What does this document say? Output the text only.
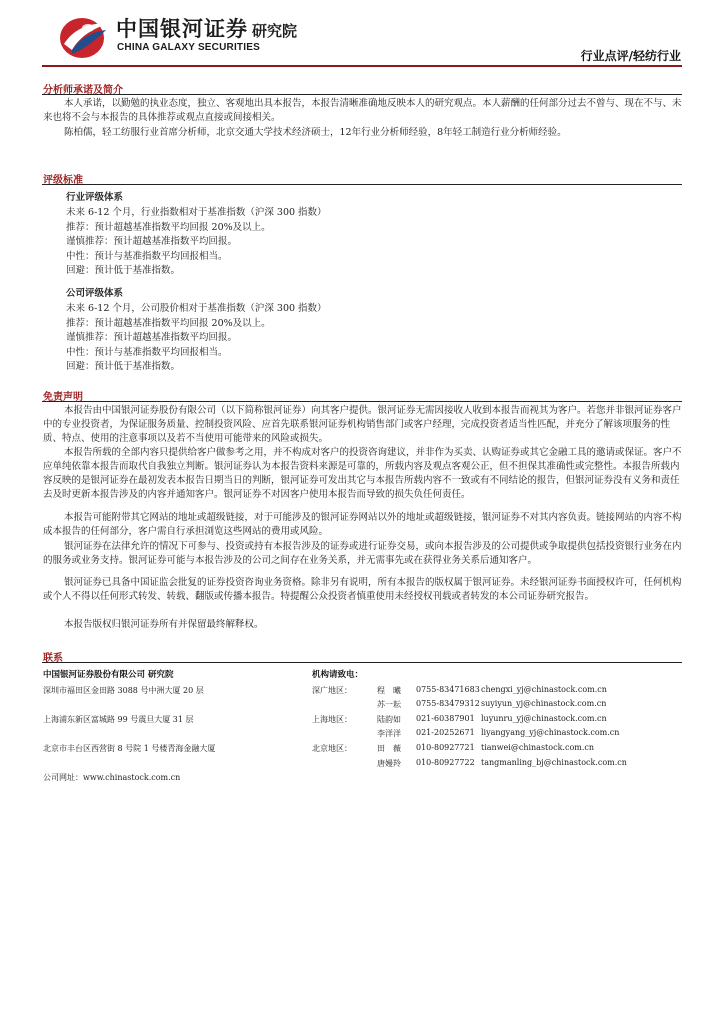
中国银河证券 研究院
CHINA GALAXY SECURITIES
行业点评/轻纺行业
分析师承诺及简介

本人承诺，以勤勉的执业态度，独立、客观地出具本报告，本报告清晰准确地反映本人的研究观点。本人薪酬的任何部分过去不曾与、现在不与、未来也将不会与本报告的具体推荐或观点直接或间接相关。

陈柏儒，轻工纺服行业首席分析师，北京交通大学技术经济硕士，12年行业分析师经验，8年轻工制造行业分析师经验。

评级标准
行业评级体系
未来 6-12 个月，行业指数相对于基准指数（沪深 300 指数）
推荐：预计超越基准指数平均回报 20%及以上。
谨慎推荐：预计超越基准指数平均回报。
中性：预计与基准指数平均回报相当。
回避：预计低于基准指数。
公司评级体系
未来 6-12 个月，公司股价相对于基准指数（沪深 300 指数）
推荐：预计超越基准指数平均回报 20%及以上。
谨慎推荐：预计超越基准指数平均回报。
中性：预计与基准指数平均回报相当。
回避：预计低于基准指数。
免责声明

本报告由中国银河证券股份有限公司（以下简称银河证券）向其客户提供。银河证券无需因接收人收到本报告而视其为客户。若您并非银河证券客户中的专业投资者，为保证服务质量、控制投资风险、应首先联系银河证券机构销售部门或客户经理，完成投资者适当性匹配，并充分了解该项服务的性质、特点、使用的注意事项以及若不当使用可能带来的风险或损失。

本报告所载的全部内容只提供给客户做参考之用，并不构成对客户的投资咨询建议，并非作为买卖、认购证券或其它金融工具的邀请或保证。客户不应单纯依靠本报告而取代自我独立判断。银河证券认为本报告资料来源是可靠的，所载内容及观点客观公正，但不担保其准确性或完整性。本报告所载内容反映的是银河证券在最初发表本报告日期当日的判断，银河证券可发出其它与本报告所载内容不一致或有不同结论的报告，但银河证券没有义务和责任去及时更新本报告涉及的内容并通知客户。银河证券不对因客户使用本报告而导致的损失负任何责任。

本报告可能附带其它网站的地址或超级链接，对于可能涉及的银河证券网站以外的地址或超级链接，银河证券不对其内容负责。链接网站的内容不构成本报告的任何部分，客户需自行承担浏览这些网站的费用或风险。

银河证券在法律允许的情况下可参与、投资或持有本报告涉及的证券或进行证券交易，或向本报告涉及的公司提供或争取提供包括投资银行业务在内的服务或业务支持。银河证券可能与本报告涉及的公司之间存在业务关系，并无需事先或在获得业务关系后通知客户。

银河证券已具备中国证监会批复的证券投资咨询业务资格。除非另有说明，所有本报告的版权属于银河证券。未经银河证券书面授权许可，任何机构或个人不得以任何形式转发、转载、翻版或传播本报告。特提醒公众投资者慎重使用未经授权刊载或者转发的本公司证券研究报告。

本报告版权归银河证券所有并保留最终解释权。

联系
中国银河证券股份有限公司 研究院	机构请致电：
深圳市福田区金田路 3088 号中洲大厦 20 层
上海浦东新区富城路 99 号震旦大厦 31 层
北京市丰台区西营街 8 号院 1 号楼青海金融大厦
深广地区：
上海地区：
北京地区：
程　曦 0755-83471683 chengxi_yj@chinastock.com.cn
苏一耘 0755-83479312 suyiyun_yj@chinastock.com.cn
陆韵如 021-60387901 luyunru_yj@chinastock.com.cn
李洋洋 021-20252671 liyangyang_yj@chinastock.com.cn
田　薇 010-80927721 tianwei@chinastock.com.cn
唐嫚羚 010-80927722 tangmanling_bj@chinastock.com.cn
公司网址：www.chinastock.com.cn
